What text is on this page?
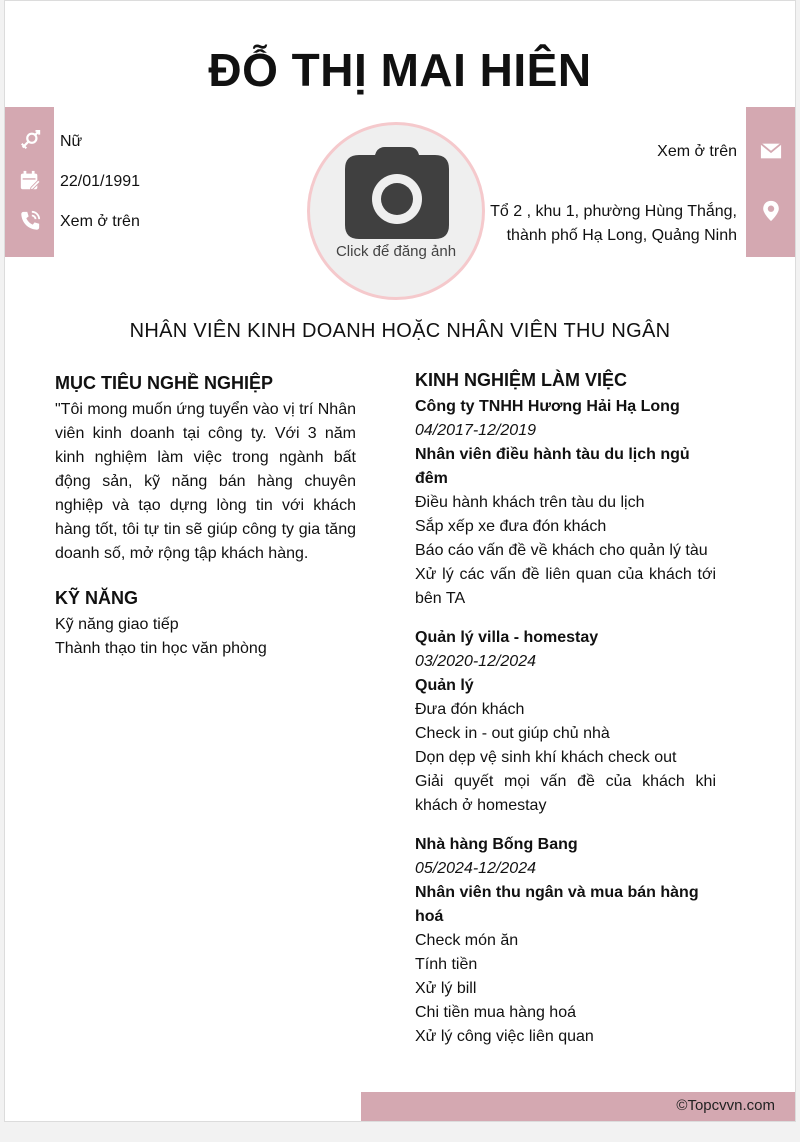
ĐỖ THỊ MAI HIÊN
Nữ
22/01/1991
Xem ở trên
Click để đăng ảnh
Xem ở trên
Tổ 2 , khu 1, phường Hùng Thắng,
thành phố Hạ Long, Quảng Ninh
NHÂN VIÊN KINH DOANH HOẶC NHÂN VIÊN THU NGÂN
MỤC TIÊU NGHỀ NGHIỆP
"Tôi mong muốn ứng tuyển vào vị trí Nhân viên kinh doanh tại công ty. Với 3 năm kinh nghiệm làm việc trong ngành bất động sản, kỹ năng bán hàng chuyên nghiệp và tạo dựng lòng tin với khách hàng tốt, tôi tự tin sẽ giúp công ty gia tăng doanh số, mở rộng tập khách hàng.
KỸ NĂNG
Kỹ năng giao tiếp
Thành thạo tin học văn phòng
KINH NGHIỆM LÀM VIỆC
Công ty TNHH Hương Hải Hạ Long
04/2017-12/2019
Nhân viên điều hành tàu du lịch ngủ đêm
Điều hành khách trên tàu du lịch
Sắp xếp xe đưa đón khách
Báo cáo vấn đề về khách cho quản lý tàu
Xử lý các vấn đề liên quan của khách tới bên TA
Quản lý villa - homestay
03/2020-12/2024
Quản lý
Đưa đón khách
Check in - out giúp chủ nhà
Dọn dẹp vệ sinh khí khách check out
Giải quyết mọi vấn đề của khách khi khách ở homestay
Nhà hàng Bống Bang
05/2024-12/2024
Nhân viên thu ngân và mua bán hàng hoá
Check món ăn
Tính tiền
Xử lý bill
Chi tiền mua hàng hoá
Xử lý công việc liên quan
©Topcvvn.com
